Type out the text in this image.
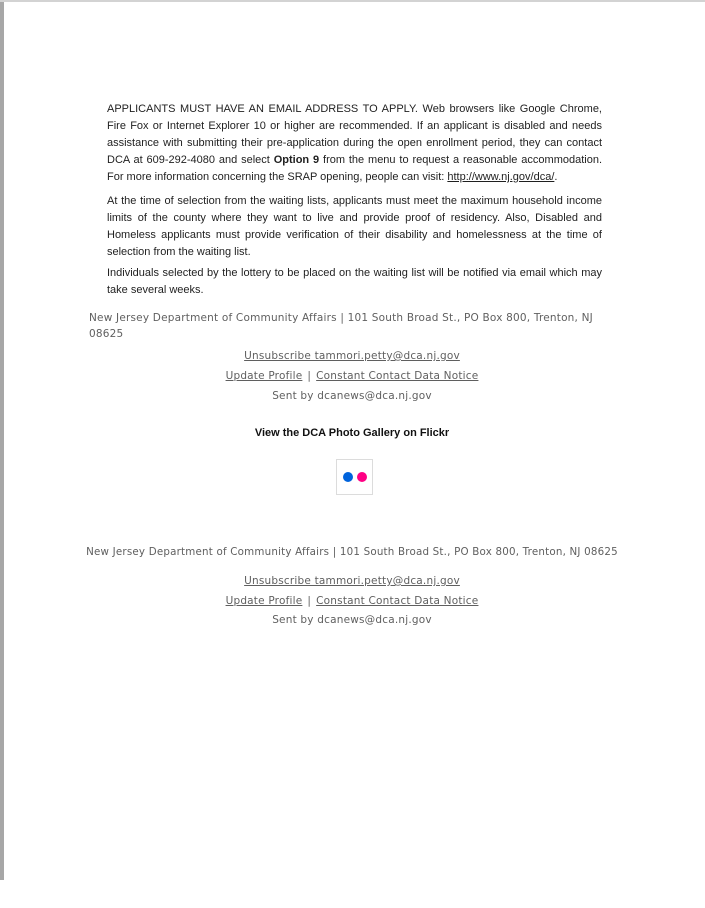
APPLICANTS MUST HAVE AN EMAIL ADDRESS TO APPLY. Web browsers like Google Chrome, Fire Fox or Internet Explorer 10 or higher are recommended. If an applicant is disabled and needs assistance with submitting their pre-application during the open enrollment period, they can contact DCA at 609-292-4080 and select Option 9 from the menu to request a reasonable accommodation. For more information concerning the SRAP opening, people can visit: http://www.nj.gov/dca/.

At the time of selection from the waiting lists, applicants must meet the maximum household income limits of the county where they want to live and provide proof of residency. Also, Disabled and Homeless applicants must provide verification of their disability and homelessness at the time of selection from the waiting list.

Individuals selected by the lottery to be placed on the waiting list will be notified via email which may take several weeks.

New Jersey Department of Community Affairs | 101 South Broad St., PO Box 800, Trenton, NJ
08625
Unsubscribe tammori.petty@dca.nj.gov
Update Profile | Constant Contact Data Notice
Sent by dcanews@dca.nj.gov
View the DCA Photo Gallery on Flickr
New Jersey Department of Community Affairs | 101 South Broad St., PO Box 800, Trenton, NJ 08625
Unsubscribe tammori.petty@dca.nj.gov
Update Profile | Constant Contact Data Notice
Sent by dcanews@dca.nj.gov
